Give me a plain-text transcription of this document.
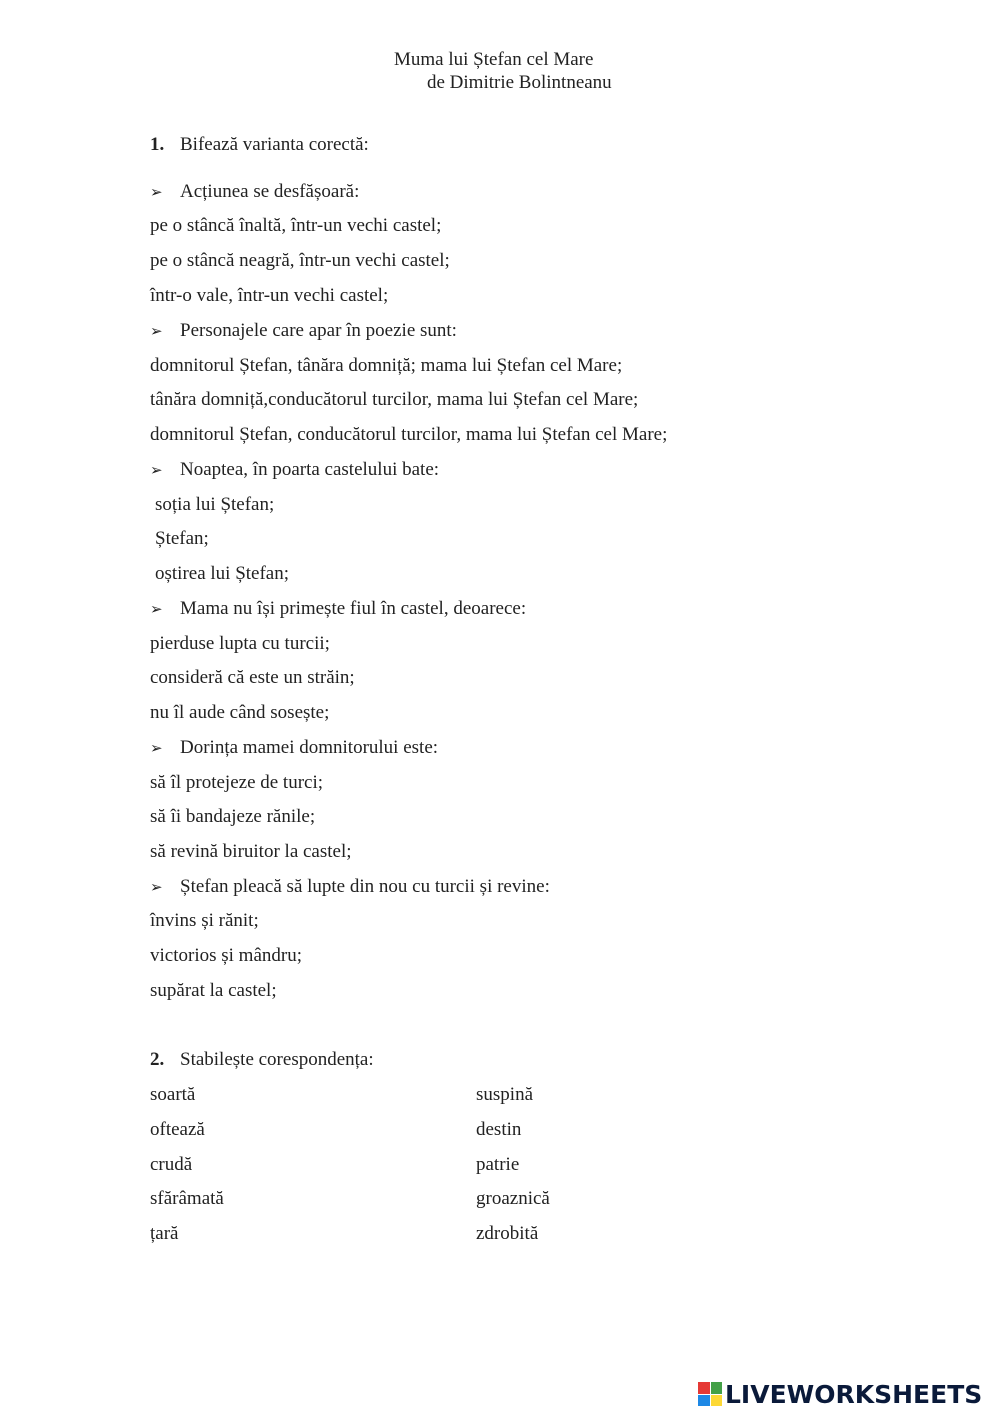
Muma lui Ștefan cel Mare
de Dimitrie Bolintneanu
1. Bifează varianta corectă:
➢ Acțiunea se desfășoară:
pe o stâncă înaltă, într-un vechi castel;
pe o stâncă neagră, într-un vechi castel;
într-o vale, într-un vechi castel;
➢ Personajele care apar în poezie sunt:
domnitorul Ștefan, tânăra domniță; mama lui Ștefan cel Mare;
tânăra domniță,conducătorul turcilor, mama lui Ștefan cel Mare;
domnitorul Ștefan, conducătorul turcilor, mama lui Ștefan cel Mare;
➢ Noaptea, în poarta castelului bate:
soția lui Ștefan;
Ștefan;
oștirea lui Ștefan;
➢ Mama nu își primește fiul în castel, deoarece:
pierduse lupta cu turcii;
consideră că este un străin;
nu îl aude când sosește;
➢ Dorința mamei domnitorului este:
să îl protejeze de turci;
să îi bandajeze rănile;
să revină biruitor la castel;
➢ Ștefan pleacă să lupte din nou cu turcii și revine:
învins și rănit;
victorios și mândru;
supărat la castel;
2. Stabilește corespondența:
soartă
oftează
crudă
sfărâmată
țară
suspină
destin
patrie
groaznică
zdrobită
LIVEWORKSHEETS
